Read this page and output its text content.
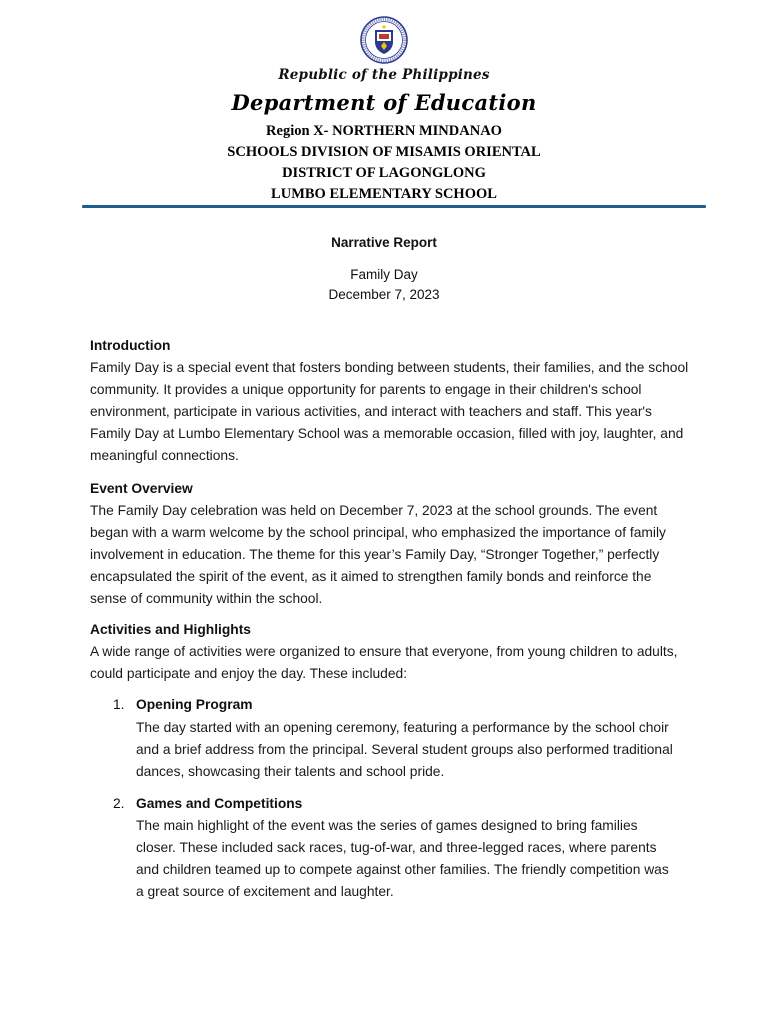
Republic of the Philippines
Department of Education
Region X- NORTHERN MINDANAO
SCHOOLS DIVISION OF MISAMIS ORIENTAL
DISTRICT OF LAGONGLONG
LUMBO ELEMENTARY SCHOOL
Narrative Report
Family Day
December 7, 2023
Introduction
Family Day is a special event that fosters bonding between students, their families, and the school community. It provides a unique opportunity for parents to engage in their children's school environment, participate in various activities, and interact with teachers and staff. This year's Family Day at Lumbo Elementary School was a memorable occasion, filled with joy, laughter, and meaningful connections.
Event Overview
The Family Day celebration was held on December 7, 2023 at the school grounds. The event began with a warm welcome by the school principal, who emphasized the importance of family involvement in education. The theme for this year’s Family Day, “Stronger Together,” perfectly encapsulated the spirit of the event, as it aimed to strengthen family bonds and reinforce the sense of community within the school.
Activities and Highlights
A wide range of activities were organized to ensure that everyone, from young children to adults, could participate and enjoy the day. These included:
1. Opening Program
The day started with an opening ceremony, featuring a performance by the school choir and a brief address from the principal. Several student groups also performed traditional dances, showcasing their talents and school pride.
2. Games and Competitions
The main highlight of the event was the series of games designed to bring families closer. These included sack races, tug-of-war, and three-legged races, where parents and children teamed up to compete against other families. The friendly competition was a great source of excitement and laughter.
